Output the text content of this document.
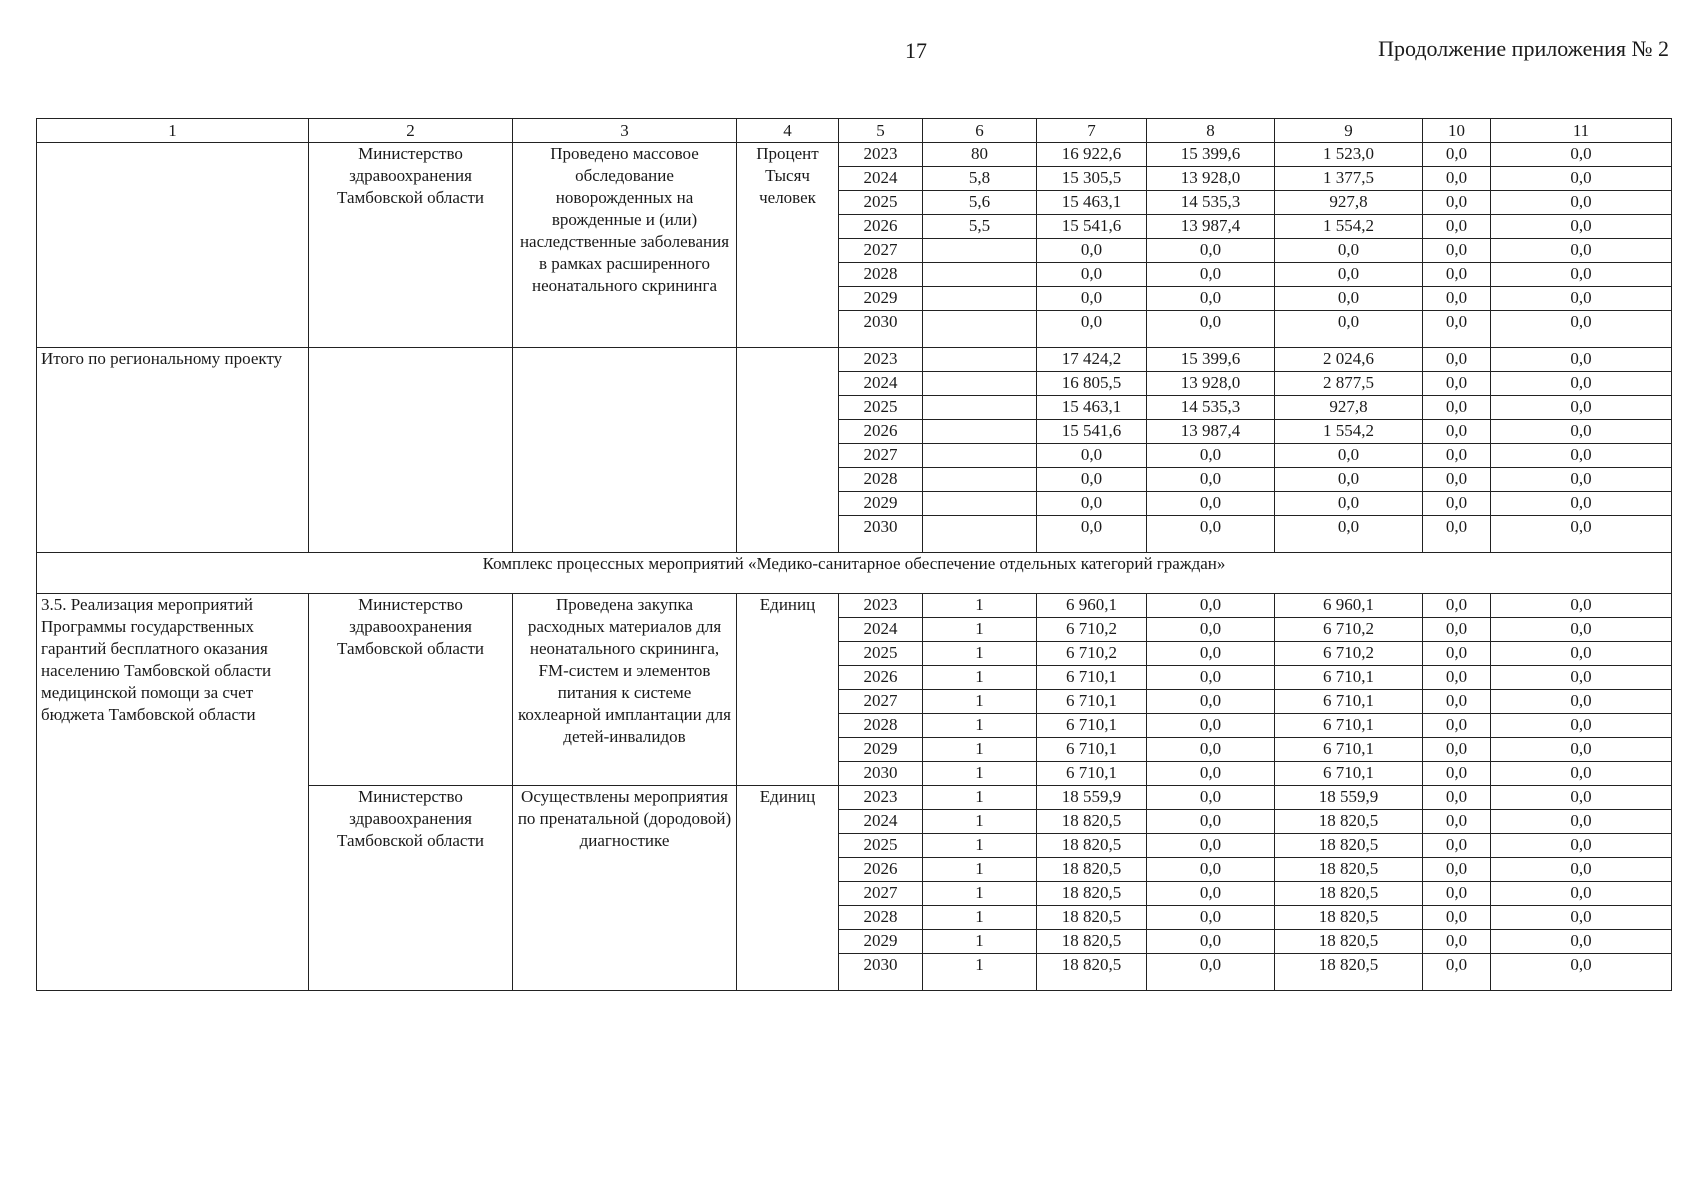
17	Продолжение приложения № 2
1	2	3	4	5	6	7	8	9	10	11
	Министерство здравоохранения Тамбовской области	Проведено массовое обследование новорожденных на врожденные и (или) наследственные заболевания в рамках расширенного неонатального скрининга	Процент Тысяч человек	2023	80	16 922,6	15 399,6	1 523,0	0,0	0,0
				2024	5,8	15 305,5	13 928,0	1 377,5	0,0	0,0
				2025	5,6	15 463,1	14 535,3	927,8	0,0	0,0
				2026	5,5	15 541,6	13 987,4	1 554,2	0,0	0,0
				2027		0,0	0,0	0,0	0,0	0,0
				2028		0,0	0,0	0,0	0,0	0,0
				2029		0,0	0,0	0,0	0,0	0,0
				2030		0,0	0,0	0,0	0,0	0,0
Итого по региональному проекту				2023		17 424,2	15 399,6	2 024,6	0,0	0,0
				2024		16 805,5	13 928,0	2 877,5	0,0	0,0
				2025		15 463,1	14 535,3	927,8	0,0	0,0
				2026		15 541,6	13 987,4	1 554,2	0,0	0,0
				2027		0,0	0,0	0,0	0,0	0,0
				2028		0,0	0,0	0,0	0,0	0,0
				2029		0,0	0,0	0,0	0,0	0,0
				2030		0,0	0,0	0,0	0,0	0,0
Комплекс процессных мероприятий «Медико-санитарное обеспечение отдельных категорий граждан»										
3.5. Реализация мероприятий Программы государственных гарантий бесплатного оказания населению Тамбовской области медицинской помощи за счет бюджета Тамбовской области	Министерство здравоохранения Тамбовской области	Проведена закупка расходных материалов для неонатального скрининга, FM-систем и элементов питания к системе кохлеарной имплантации для детей-инвалидов	Единиц	2023	1	6 960,1	0,0	6 960,1	0,0	0,0
				2024	1	6 710,2	0,0	6 710,2	0,0	0,0
				2025	1	6 710,2	0,0	6 710,2	0,0	0,0
				2026	1	6 710,1	0,0	6 710,1	0,0	0,0
				2027	1	6 710,1	0,0	6 710,1	0,0	0,0
				2028	1	6 710,1	0,0	6 710,1	0,0	0,0
				2029	1	6 710,1	0,0	6 710,1	0,0	0,0
				2030	1	6 710,1	0,0	6 710,1	0,0	0,0
	Министерство здравоохранения Тамбовской области	Осуществлены мероприятия по пренатальной (дородовой) диагностике	Единиц	2023	1	18 559,9	0,0	18 559,9	0,0	0,0
				2024	1	18 820,5	0,0	18 820,5	0,0	0,0
				2025	1	18 820,5	0,0	18 820,5	0,0	0,0
				2026	1	18 820,5	0,0	18 820,5	0,0	0,0
				2027	1	18 820,5	0,0	18 820,5	0,0	0,0
				2028	1	18 820,5	0,0	18 820,5	0,0	0,0
				2029	1	18 820,5	0,0	18 820,5	0,0	0,0
				2030	1	18 820,5	0,0	18 820,5	0,0	0,0
